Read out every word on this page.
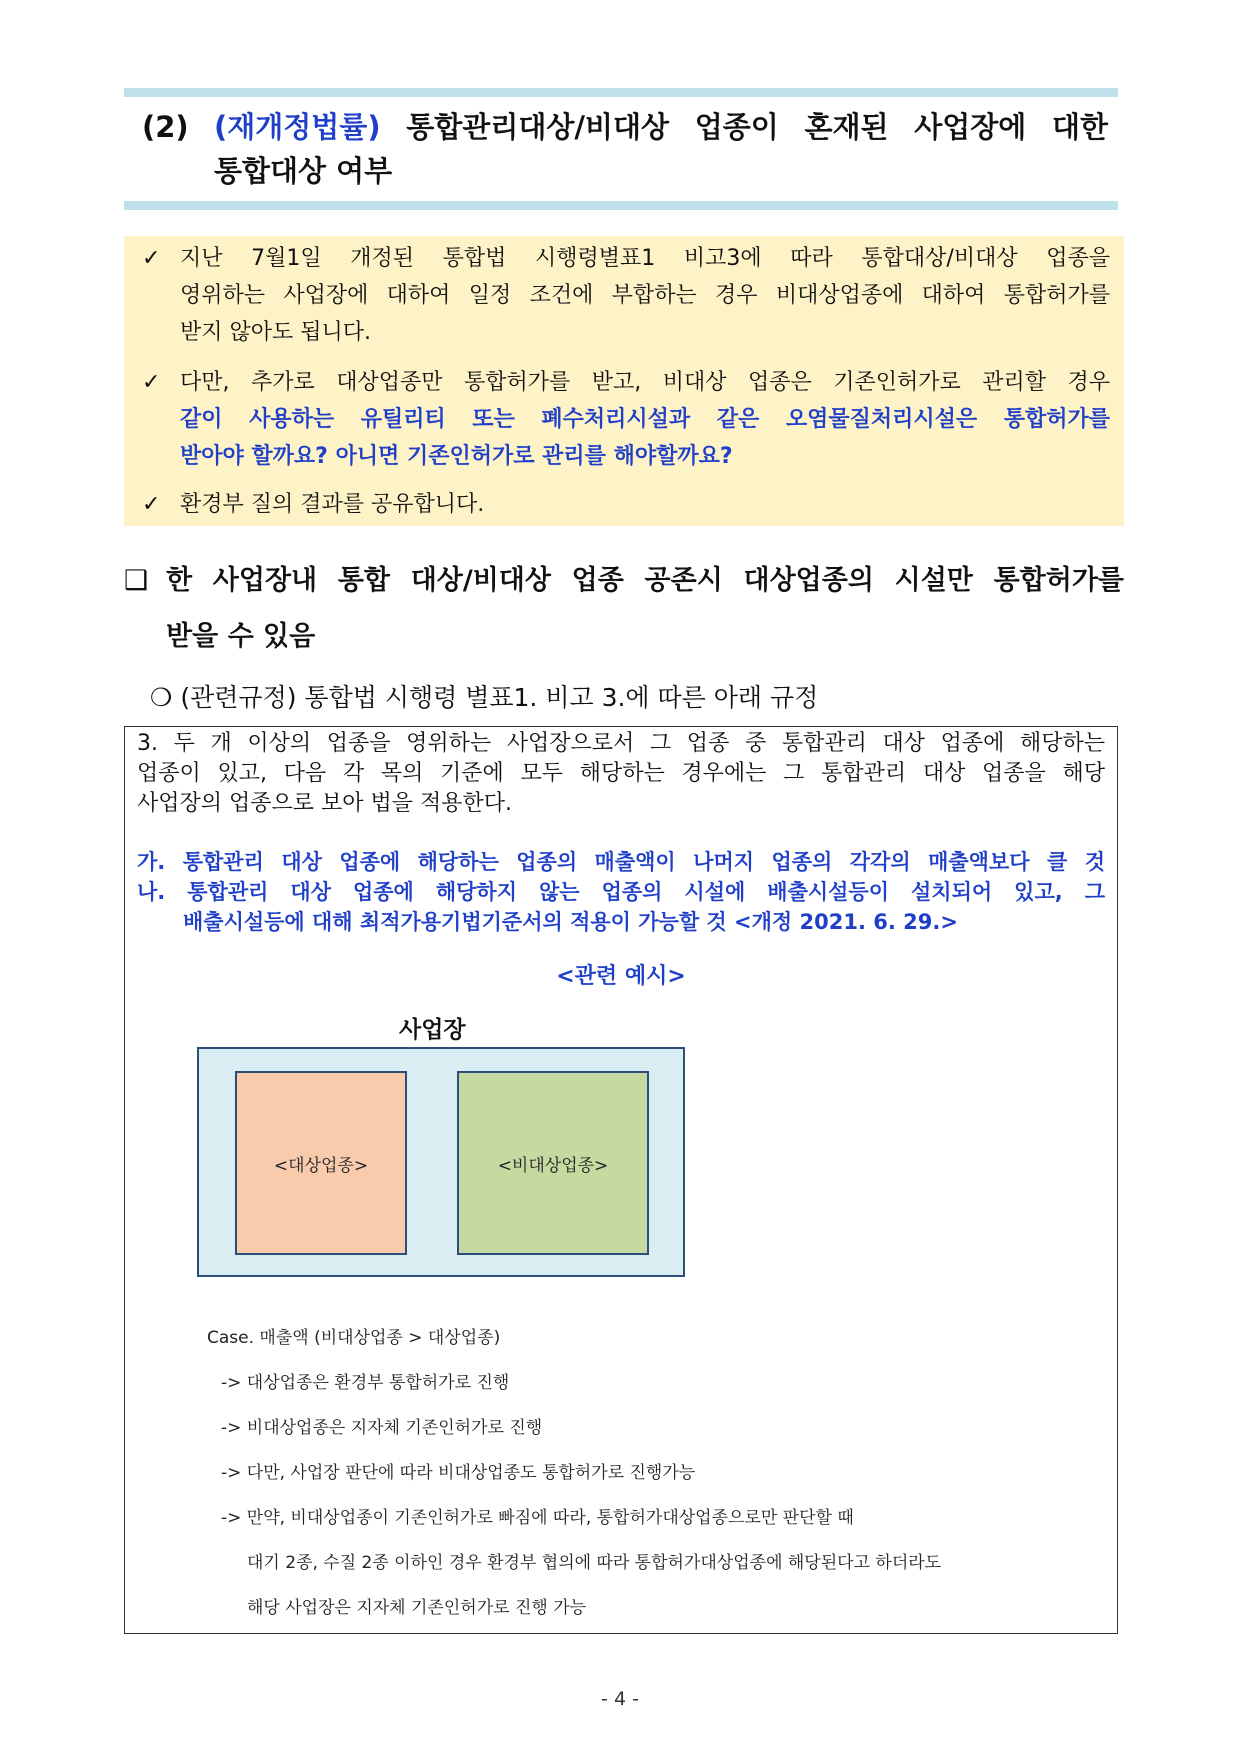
(2) (재개정법률) 통합관리대상/비대상 업종이 혼재된 사업장에 대한
통합대상 여부
✓ 지난 7월1일 개정된 통합법 시행령별표1 비고3에 따라 통합대상/비대상 업종을
영위하는 사업장에 대하여 일정 조건에 부합하는 경우 비대상업종에 대하여 통합허가를
받지 않아도 됩니다.
✓ 다만, 추가로 대상업종만 통합허가를 받고, 비대상 업종은 기존인허가로 관리할 경우
같이 사용하는 유틸리티 또는 폐수처리시설과 같은 오염물질처리시설은 통합허가를
받아야 할까요? 아니면 기존인허가로 관리를 해야할까요?
✓ 환경부 질의 결과를 공유합니다.
❑ 한 사업장내 통합 대상/비대상 업종 공존시 대상업종의 시설만 통합허가를
받을 수 있음
❍ (관련규정) 통합법 시행령 별표1. 비고 3.에 따른 아래 규정
3. 두 개 이상의 업종을 영위하는 사업장으로서 그 업종 중 통합관리 대상 업종에 해당하는
업종이 있고, 다음 각 목의 기준에 모두 해당하는 경우에는 그 통합관리 대상 업종을 해당
사업장의 업종으로 보아 법을 적용한다.
가. 통합관리 대상 업종에 해당하는 업종의 매출액이 나머지 업종의 각각의 매출액보다 클 것
나. 통합관리 대상 업종에 해당하지 않는 업종의 시설에 배출시설등이 설치되어 있고, 그
배출시설등에 대해 최적가용기법기준서의 적용이 가능할 것 <개정 2021. 6. 29.>
<관련 예시>
사업장
<대상업종>	<비대상업종>
Case. 매출액 (비대상업종 > 대상업종)
-> 대상업종은 환경부 통합허가로 진행
-> 비대상업종은 지자체 기존인허가로 진행
-> 다만, 사업장 판단에 따라 비대상업종도 통합허가로 진행가능
-> 만약, 비대상업종이 기존인허가로 빠짐에 따라, 통합허가대상업종으로만 판단할 때
대기 2종, 수질 2종 이하인 경우 환경부 협의에 따라 통합허가대상업종에 해당된다고 하더라도
해당 사업장은 지자체 기존인허가로 진행 가능
- 4 -
